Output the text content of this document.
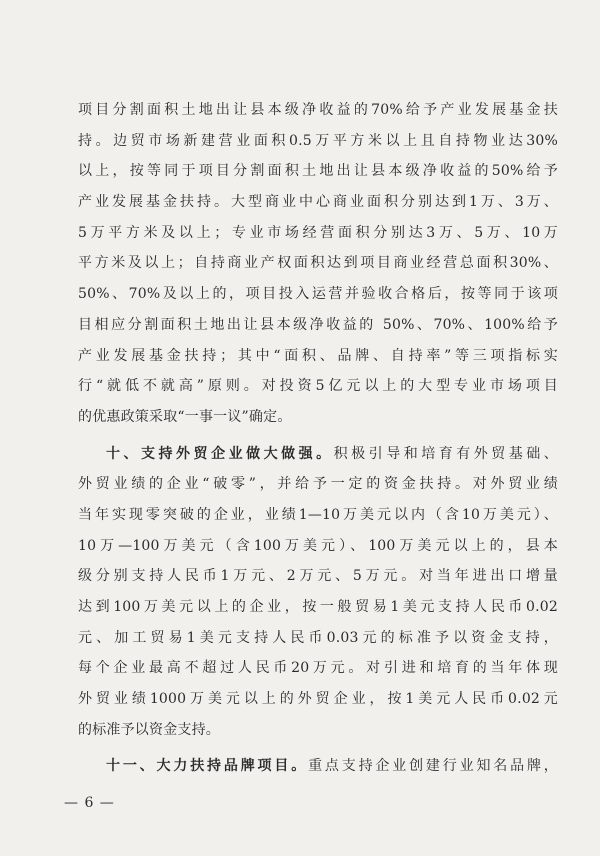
项目分割面积土地出让县本级净收益的70%给予产业发展基金扶
持。边贸市场新建营业面积0.5万平方米以上且自持物业达30%
以上，按等同于项目分割面积土地出让县本级净收益的50%给予
产业发展基金扶持。大型商业中心商业面积分别达到1万、3万、
5万平方米及以上；专业市场经营面积分别达3万、5万、10万
平方米及以上；自持商业产权面积达到项目商业经营总面积30%、
50%、70%及以上的，项目投入运营并验收合格后，按等同于该项
目相应分割面积土地出让县本级净收益的 50%、70%、100%给予
产业发展基金扶持；其中“面积、品牌、自持率”等三项指标实
行“就低不就高”原则。对投资5亿元以上的大型专业市场项目
的优惠政策采取“一事一议”确定。
十、支持外贸企业做大做强。积极引导和培育有外贸基础、
外贸业绩的企业“破零”，并给予一定的资金扶持。对外贸业绩
当年实现零突破的企业，业绩1—10万美元以内（含10万美元）、
10万—100万美元（含100万美元）、100万美元以上的，县本
级分别支持人民币1万元、2万元、5万元。对当年进出口增量
达到100万美元以上的企业，按一般贸易1美元支持人民币0.02
元、加工贸易1美元支持人民币0.03元的标准予以资金支持，
每个企业最高不超过人民币20万元。对引进和培育的当年体现
外贸业绩1000万美元以上的外贸企业，按1美元人民币0.02元
的标准予以资金支持。
十一、大力扶持品牌项目。重点支持企业创建行业知名品牌，
— 6 —
